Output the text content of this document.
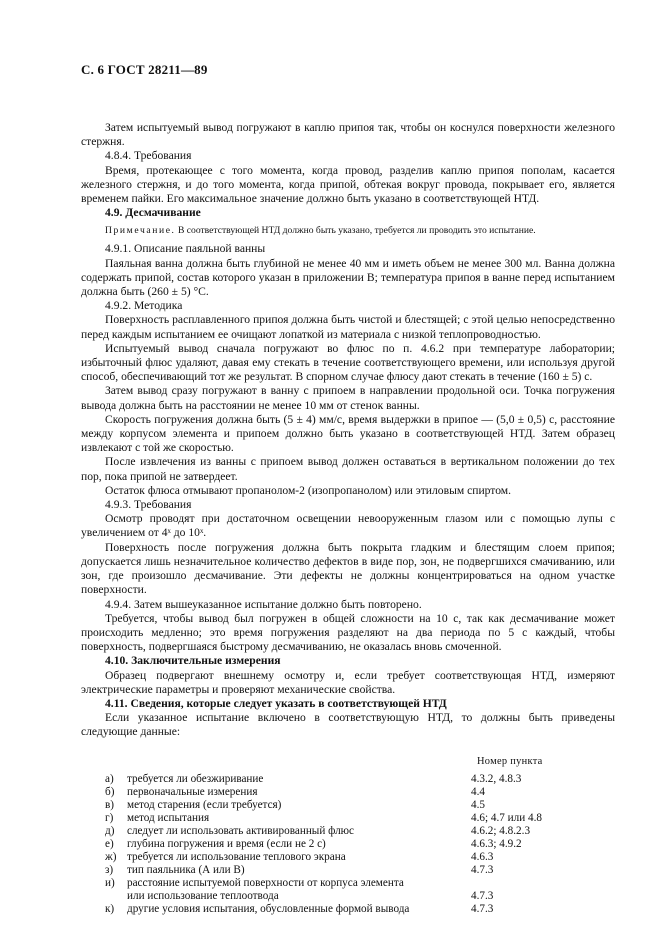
С. 6 ГОСТ 28211—89

Затем испытуемый вывод погружают в каплю припоя так, чтобы он коснулся поверхности железного стержня.

4.8.4. Требования

Время, протекающее с того момента, когда провод, разделив каплю припоя пополам, касается железного стержня, и до того момента, когда припой, обтекая вокруг провода, покрывает его, является временем пайки. Его максимальное значение должно быть указано в соответствующей НТД.

4.9. Десмачивание

Примечание. В соответствующей НТД должно быть указано, требуется ли проводить это испытание.

4.9.1. Описание паяльной ванны

Паяльная ванна должна быть глубиной не менее 40 мм и иметь объем не менее 300 мл. Ванна должна содержать припой, состав которого указан в приложении В; температура припоя в ванне перед испытанием должна быть (260 ± 5) °С.

4.9.2. Методика

Поверхность расплавленного припоя должна быть чистой и блестящей; с этой целью непосредственно перед каждым испытанием ее очищают лопаткой из материала с низкой теплопроводностью.

Испытуемый вывод сначала погружают во флюс по п. 4.6.2 при температуре лаборатории; избыточный флюс удаляют, давая ему стекать в течение соответствующего времени, или используя другой способ, обеспечивающий тот же результат. В спорном случае флюсу дают стекать в течение (160 ± 5) с.

Затем вывод сразу погружают в ванну с припоем в направлении продольной оси. Точка погружения вывода должна быть на расстоянии не менее 10 мм от стенок ванны.

Скорость погружения должна быть (5 ± 4) мм/с, время выдержки в припое — (5,0 ± 0,5) с, расстояние между корпусом элемента и припоем должно быть указано в соответствующей НТД. Затем образец извлекают с той же скоростью.

После извлечения из ванны с припоем вывод должен оставаться в вертикальном положении до тех пор, пока припой не затвердеет.

Остаток флюса отмывают пропанолом-2 (изопропанолом) или этиловым спиртом.

4.9.3. Требования

Осмотр проводят при достаточном освещении невооруженным глазом или с помощью лупы с увеличением от 4ˣ до 10ˣ.

Поверхность после погружения должна быть покрыта гладким и блестящим слоем припоя; допускается лишь незначительное количество дефектов в виде пор, зон, не подвергшихся смачиванию, или зон, где произошло десмачивание. Эти дефекты не должны концентрироваться на одном участке поверхности.

4.9.4. Затем вышеуказанное испытание должно быть повторено.

Требуется, чтобы вывод был погружен в общей сложности на 10 с, так как десмачивание может происходить медленно; это время погружения разделяют на два периода по 5 с каждый, чтобы поверхность, подвергшаяся быстрому десмачиванию, не оказалась вновь смоченной.

4.10. Заключительные измерения

Образец подвергают внешнему осмотру и, если требует соответствующая НТД, измеряют электрические параметры и проверяют механические свойства.

4.11. Сведения, которые следует указать в соответствующей НТД

Если указанное испытание включено в соответствующую НТД, то должны быть приведены следующие данные:

Номер пункта
а)	требуется ли обезжиривание	4.3.2, 4.8.3
б)	первоначальные измерения	4.4
в)	метод старения (если требуется)	4.5
г)	метод испытания	4.6; 4.7 или 4.8
д)	следует ли использовать активированный флюс	4.6.2; 4.8.2.3
е)	глубина погружения и время (если не 2 с)	4.6.3; 4.9.2
ж) требуется ли использование теплового экрана	4.6.3
з)	тип паяльника (А или В)	4.7.3
и)	расстояние испытуемой поверхности от корпуса элемента
или использование теплоотвода	4.7.3
к)	другие условия испытания, обусловленные формой вывода	4.7.3
